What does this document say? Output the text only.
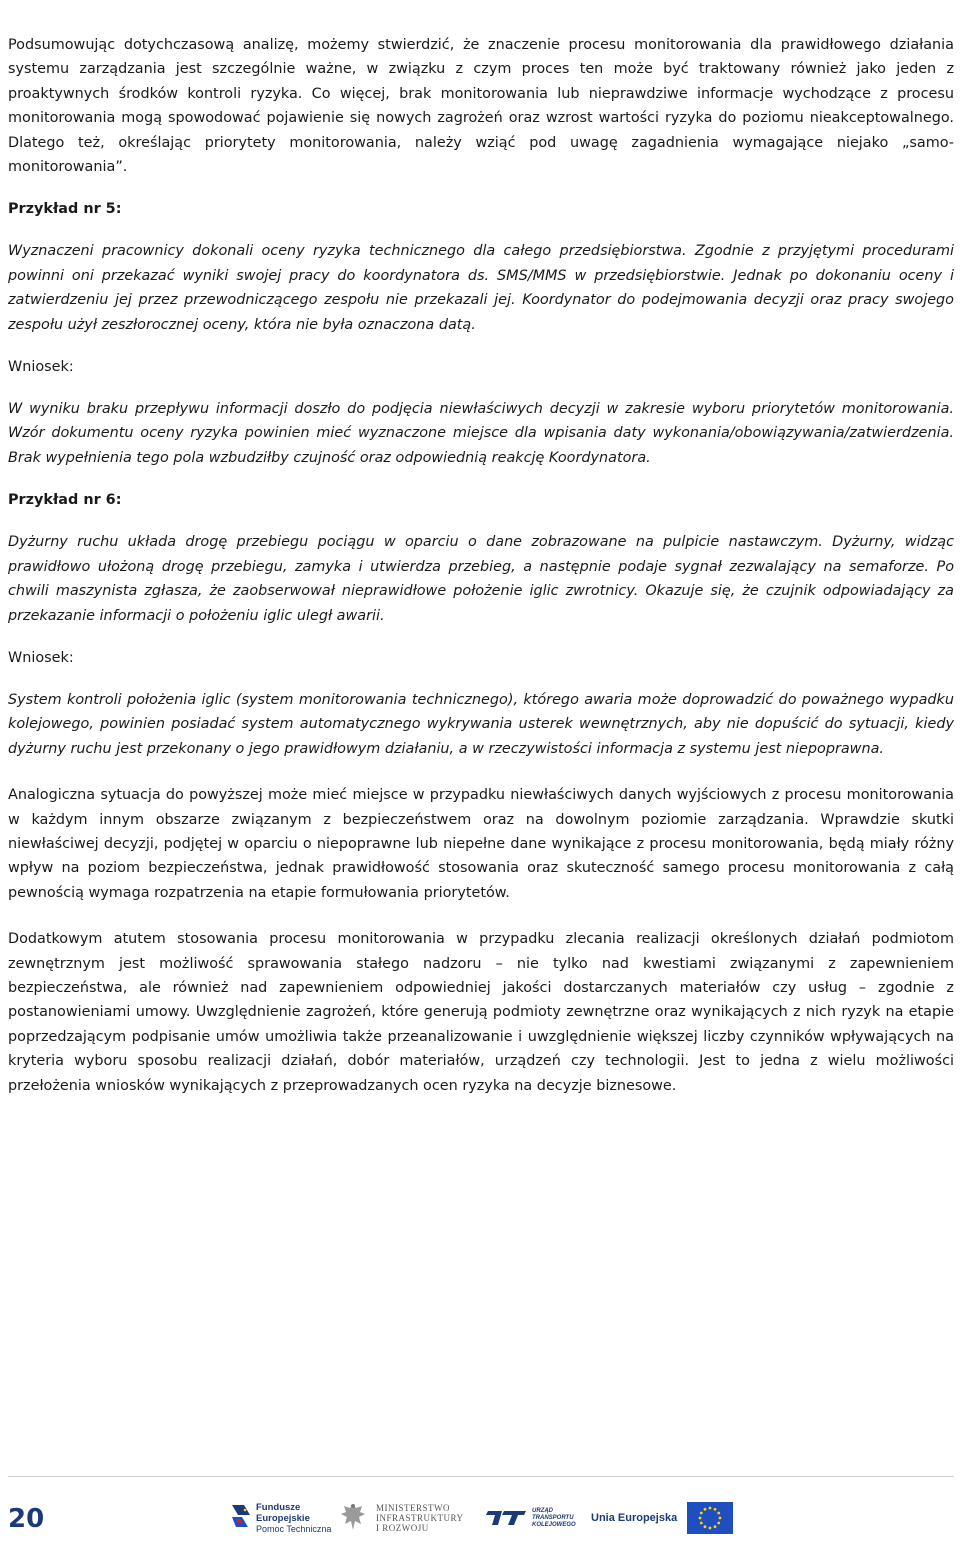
Podsumowując dotychczasową analizę, możemy stwierdzić, że znaczenie procesu monitorowania dla prawidłowego działania systemu zarządzania jest szczególnie ważne, w związku z czym proces ten może być traktowany również jako jeden z proaktywnych środków kontroli ryzyka. Co więcej, brak monitorowania lub nieprawdziwe informacje wychodzące z procesu monitorowania mogą spowodować pojawienie się nowych zagrożeń oraz wzrost wartości ryzyka do poziomu nieakceptowalnego. Dlatego też, określając priorytety monitorowania, należy wziąć pod uwagę zagadnienia wymagające niejako „samo-monitorowania”.

Przykład nr 5:

Wyznaczeni pracownicy dokonali oceny ryzyka technicznego dla całego przedsiębiorstwa. Zgodnie z przyjętymi procedurami powinni oni przekazać wyniki swojej pracy do koordynatora ds. SMS/MMS w przedsiębiorstwie. Jednak po dokonaniu oceny i zatwierdzeniu jej przez przewodniczącego zespołu nie przekazali jej. Koordynator do podejmowania decyzji oraz pracy swojego zespołu użył zeszłorocznej oceny, która nie była oznaczona datą.

Wniosek:

W wyniku braku przepływu informacji doszło do podjęcia niewłaściwych decyzji w zakresie wyboru priorytetów monitorowania. Wzór dokumentu oceny ryzyka powinien mieć wyznaczone miejsce dla wpisania daty wykonania/obowiązywania/zatwierdzenia. Brak wypełnienia tego pola wzbudziłby czujność oraz odpowiednią reakcję Koordynatora.

Przykład nr 6:

Dyżurny ruchu układa drogę przebiegu pociągu w oparciu o dane zobrazowane na pulpicie nastawczym. Dyżurny, widząc prawidłowo ułożoną drogę przebiegu, zamyka i utwierdza przebieg, a następnie podaje sygnał zezwalający na semaforze. Po chwili maszynista zgłasza, że zaobserwował nieprawidłowe położenie iglic zwrotnicy. Okazuje się, że czujnik odpowiadający za przekazanie informacji o położeniu iglic uległ awarii.

Wniosek:

System kontroli położenia iglic (system monitorowania technicznego), którego awaria może doprowadzić do poważnego wypadku kolejowego, powinien posiadać system automatycznego wykrywania usterek wewnętrznych, aby nie dopuścić do sytuacji, kiedy dyżurny ruchu jest przekonany o jego prawidłowym działaniu, a w rzeczywistości informacja z systemu jest niepoprawna.

Analogiczna sytuacja do powyższej może mieć miejsce w przypadku niewłaściwych danych wyjściowych z procesu monitorowania w każdym innym obszarze związanym z bezpieczeństwem oraz na dowolnym poziomie zarządzania. Wprawdzie skutki niewłaściwej decyzji, podjętej w oparciu o niepoprawne lub niepełne dane wynikające z procesu monitorowania, będą miały różny wpływ na poziom bezpieczeństwa, jednak prawidłowość stosowania oraz skuteczność samego procesu monitorowania z całą pewnością wymaga rozpatrzenia na etapie formułowania priorytetów.

Dodatkowym atutem stosowania procesu monitorowania w przypadku zlecania realizacji określonych działań podmiotom zewnętrznym jest możliwość sprawowania stałego nadzoru – nie tylko nad kwestiami związanymi z zapewnieniem bezpieczeństwa, ale również nad zapewnieniem odpowiedniej jakości dostarczanych materiałów czy usług – zgodnie z postanowieniami umowy. Uwzględnienie zagrożeń, które generują podmioty zewnętrzne oraz wynikających z nich ryzyk na etapie poprzedzającym podpisanie umów umożliwia także przeanalizowanie i uwzględnienie większej liczby czynników wpływających na kryteria wyboru sposobu realizacji działań, dobór materiałów, urządzeń czy technologii. Jest to jedna z wielu możliwości przełożenia wniosków wynikających z przeprowadzanych ocen ryzyka na decyzje biznesowe.

20	Fundusze
Europejskie
Pomoc Techniczna
MINISTERSTWO
INFRASTRUKTURY
I ROZWOJU
URZĄD
TRANSPORTU
KOLEJOWEGO
Unia Europejska
